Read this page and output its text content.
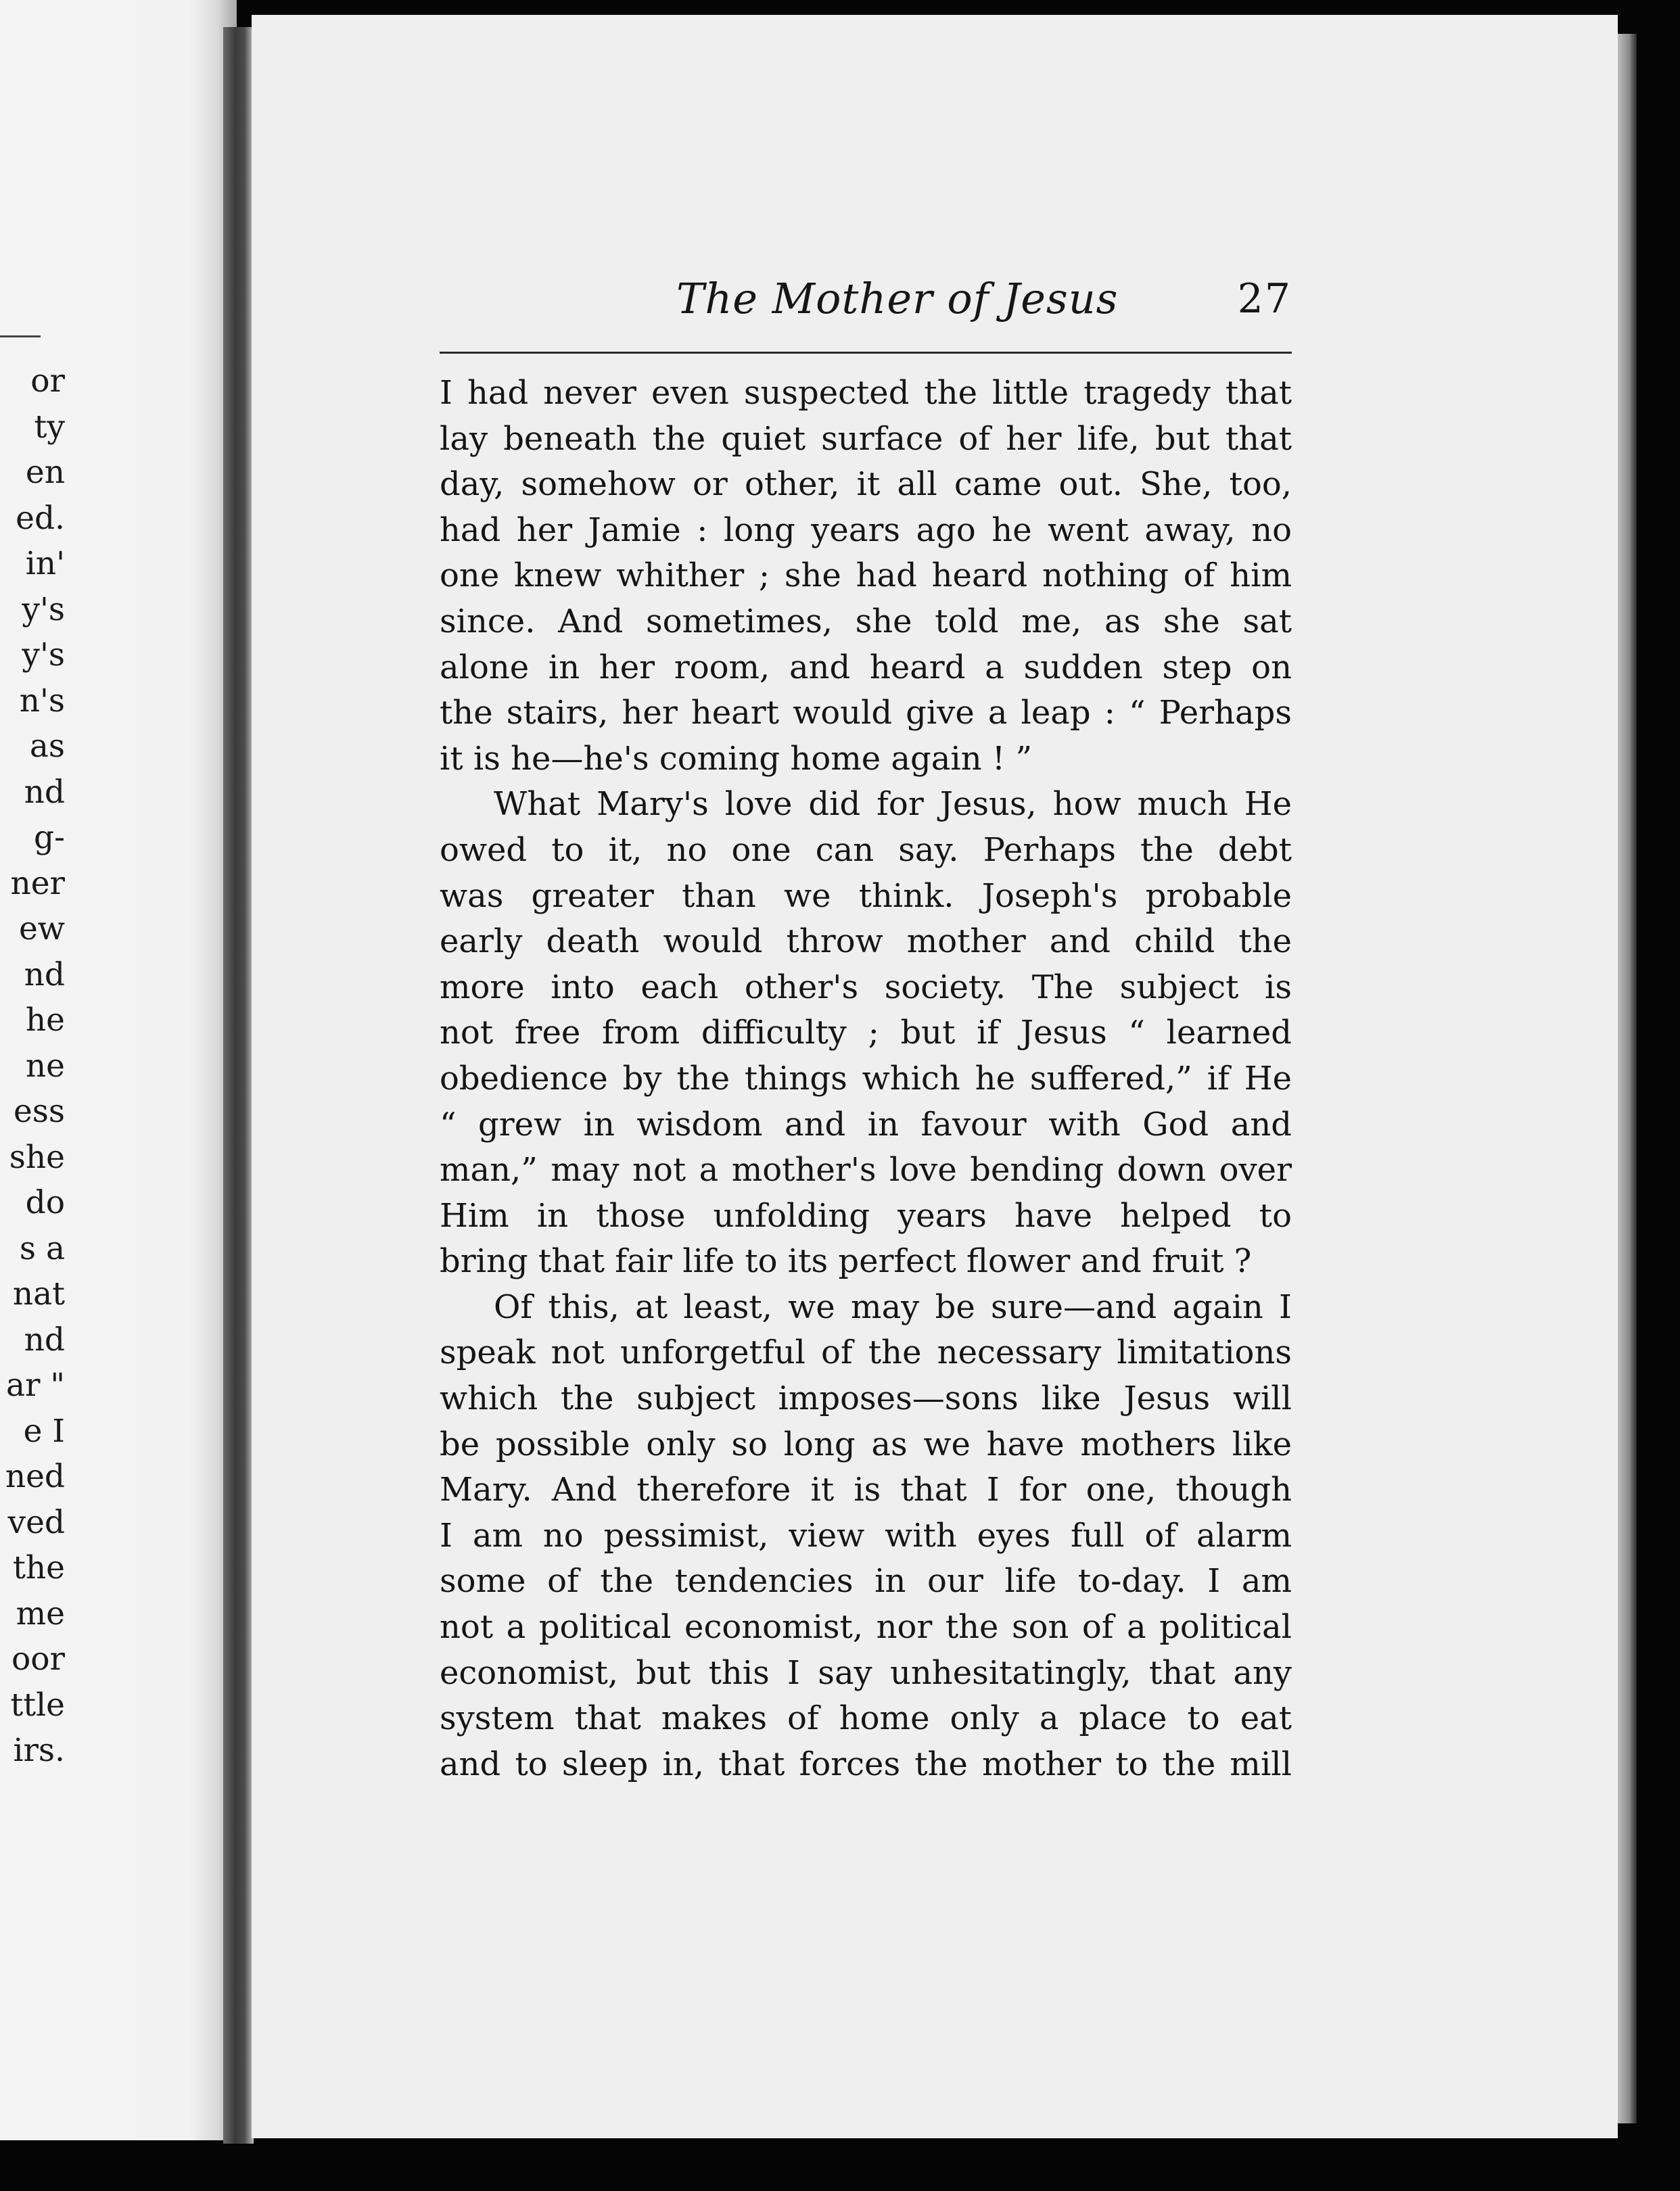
or
ty
en
ed.
in'
y's
y's
n's
as
nd
g-
ner
ew
nd
he
ne
ess
she
do
s a
nat
nd
ar "
e I
ned
ved
the
me
oor
ttle
irs.
The Mother of Jesus	27
I had never even suspected the little tragedy that
lay beneath the quiet surface of her life, but that
day, somehow or other, it all came out. She, too,
had her Jamie : long years ago he went away, no
one knew whither ; she had heard nothing of him
since. And sometimes, she told me, as she sat
alone in her room, and heard a sudden step on
the stairs, her heart would give a leap : “ Perhaps
it is he—he's coming home again ! ”
What Mary's love did for Jesus, how much He
owed to it, no one can say. Perhaps the debt
was greater than we think. Joseph's probable
early death would throw mother and child the
more into each other's society. The subject is
not free from difficulty ; but if Jesus “ learned
obedience by the things which he suffered,” if He
“ grew in wisdom and in favour with God and
man,” may not a mother's love bending down over
Him in those unfolding years have helped to
bring that fair life to its perfect flower and fruit ?
Of this, at least, we may be sure—and again I
speak not unforgetful of the necessary limitations
which the subject imposes—sons like Jesus will
be possible only so long as we have mothers like
Mary. And therefore it is that I for one, though
I am no pessimist, view with eyes full of alarm
some of the tendencies in our life to-day. I am
not a political economist, nor the son of a political
economist, but this I say unhesitatingly, that any
system that makes of home only a place to eat
and to sleep in, that forces the mother to the mill
